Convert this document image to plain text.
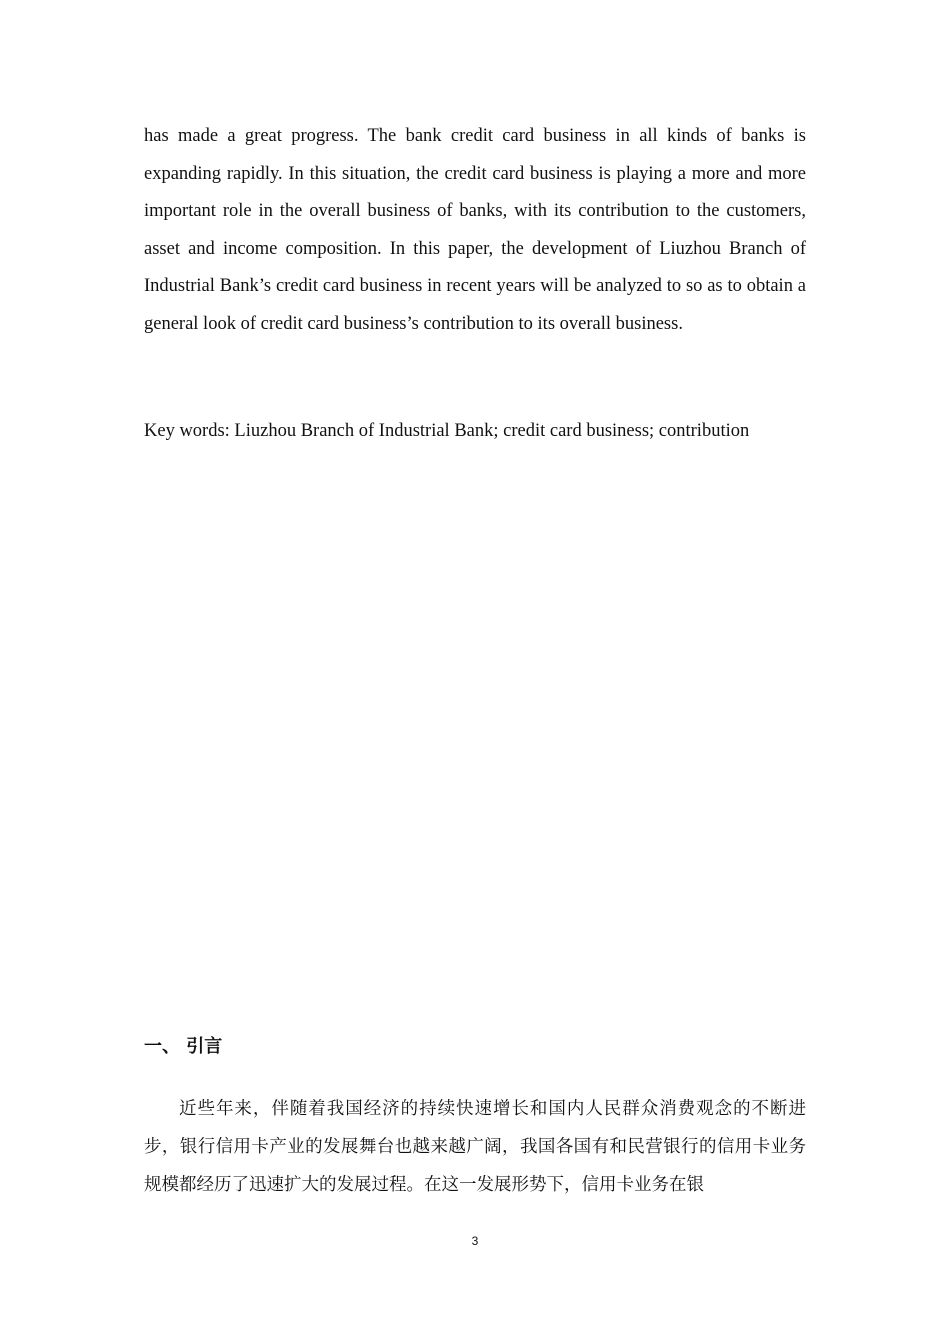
has made a great progress. The bank credit card business in all kinds of banks is expanding rapidly. In this situation, the credit card business is playing a more and more important role in the overall business of banks, with its contribution to the customers, asset and income composition. In this paper, the development of Liuzhou Branch of Industrial Bank’s credit card business in recent years will be analyzed to so as to obtain a general look of credit card business’s contribution to its overall business.

Key words: Liuzhou Branch of Industrial Bank; credit card business; contribution

一、 引言

近些年来，伴随着我国经济的持续快速增长和国内人民群众消费观念的不断进步，银行信用卡产业的发展舞台也越来越广阔，我国各国有和民营银行的信用卡业务规模都经历了迅速扩大的发展过程。在这一发展形势下，信用卡业务在银

3
